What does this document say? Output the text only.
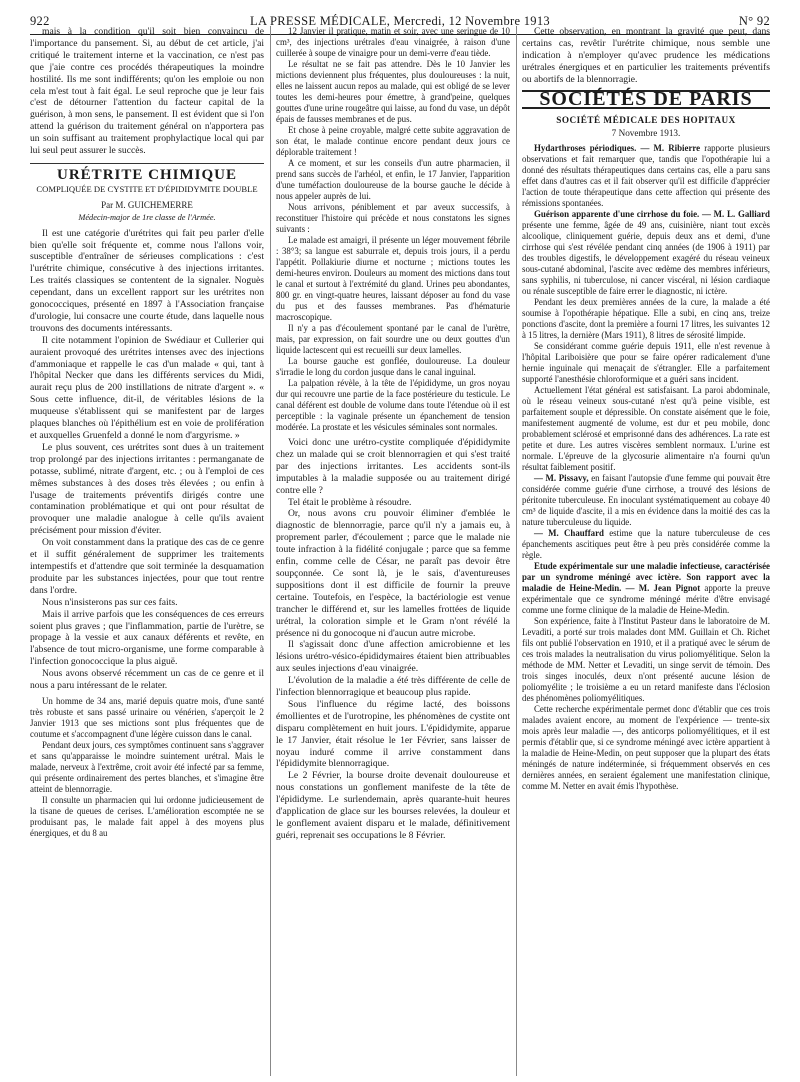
922	LA PRESSE MÉDICALE, Mercredi, 12 Novembre 1913	N° 92

mais à la condition qu'il soit bien convaincu de l'importance du pansement. Si, au début de cet article, j'ai critiqué le traitement interne et la vaccination, ce n'est pas que j'aie contre ces procédés thérapeutiques la moindre hostilité. Ils me sont indifférents; qu'on les emploie ou non cela m'est tout à fait égal. Le seul reproche que je leur fais c'est de détourner l'attention du facteur capital de la guérison, à mon sens, le pansement. Il est évident que si l'on attend la guérison du traitement général on n'apportera pas un soin suffisant au traitement prophylactique local qui par lui seul peut assurer le succès.

URÉTRITE CHIMIQUE
COMPLIQUÉE DE CYSTITE ET D'ÉPIDIDYMITE DOUBLE
Par M. GUICHEMERRE
Médecin-major de 1re classe de l'Armée.

Il est une catégorie d'urétrites qui fait peu parler d'elle bien qu'elle soit fréquente et, comme nous l'allons voir, susceptible d'entraîner de sérieuses complications : c'est l'urétrite chimique, consécutive à des injections irritantes. Les traités classiques se contentent de la signaler. Noguès cependant, dans un excellent rapport sur les urétrites non gonococciques, présenté en 1897 à l'Association française d'urologie, lui consacre une courte étude, dans laquelle nous trouvons des documents intéressants.

Il cite notamment l'opinion de Swédiaur et Cullerier qui auraient provoqué des urétrites intenses avec des injections d'ammoniaque et rappelle le cas d'un malade « qui, tant à l'hôpital Necker que dans les différents services du Midi, aurait reçu plus de 200 instillations de nitrate d'argent ». « Sous cette influence, dit-il, de véritables lésions de la muqueuse s'établissent qui se manifestent par de larges plaques blanches où l'épithélium est en voie de prolifération et auxquelles Gruenfeld a donné le nom d'argyrisme. »

Le plus souvent, ces urétrites sont dues à un traitement trop prolongé par des injections irritantes : permanganate de potasse, sublimé, nitrate d'argent, etc. ; ou à l'emploi de ces mêmes substances à des doses très élevées ; ou enfin à l'usage de traitements préventifs dirigés contre une contamination problématique et qui ont pour résultat de provoquer une maladie analogue à celle qu'ils avaient précisément pour mission d'éviter.

On voit constamment dans la pratique des cas de ce genre et il suffit généralement de supprimer les traitements intempestifs et d'attendre que soit terminée la desquamation produite par les substances injectées, pour que tout rentre dans l'ordre.

Nous n'insisterons pas sur ces faits.

Mais il arrive parfois que les conséquences de ces erreurs soient plus graves ; que l'inflammation, partie de l'urètre, se propage à la vessie et aux canaux déférents et revête, en l'absence de tout micro-organisme, une forme comparable à l'infection gonococcique la plus aiguë.

Nous avons observé récemment un cas de ce genre et il nous a paru intéressant de le relater.

Un homme de 34 ans, marié depuis quatre mois, d'une santé très robuste et sans passé urinaire ou vénérien, s'aperçoit le 2 Janvier 1913 que ses mictions sont plus fréquentes que de coutume et s'accompagnent d'une légère cuisson dans le canal.

Pendant deux jours, ces symptômes continuent sans s'aggraver et sans qu'apparaisse le moindre suintement urétral. Mais le malade, nerveux à l'extrême, croit avoir été infecté par sa femme, qui présente ordinairement des pertes blanches, et s'imagine être atteint de blennorragie.

Il consulte un pharmacien qui lui ordonne judicieusement de la tisane de queues de cerises. L'amélioration escomptée ne se produisant pas, le malade fait appel à des moyens plus énergiques, et du 8 au

12 Janvier il pratique, matin et soir, avec une seringue de 10 cm³, des injections urétrales d'eau vinaigrée, à raison d'une cuillerée à soupe de vinaigre pour un demi-verre d'eau tiède.

Le résultat ne se fait pas attendre. Dès le 10 Janvier les mictions deviennent plus fréquentes, plus douloureuses : la nuit, elles ne laissent aucun repos au malade, qui est obligé de se lever toutes les demi-heures pour émettre, à grand'peine, quelques gouttes d'une urine rougeâtre qui laisse, au fond du vase, un dépôt épais de fausses membranes et de pus.

Et chose à peine croyable, malgré cette subite aggravation de son état, le malade continue encore pendant deux jours ce déplorable traitement !

A ce moment, et sur les conseils d'un autre pharmacien, il prend sans succès de l'arhéol, et enfin, le 17 Janvier, l'apparition d'une tuméfaction douloureuse de la bourse gauche le décide à nous appeler auprès de lui.

Nous arrivons, péniblement et par aveux successifs, à reconstituer l'histoire qui précède et nous constatons les signes suivants :

Le malade est amaigri, il présente un léger mouvement fébrile : 38°3; sa langue est saburrale et, depuis trois jours, il a perdu l'appétit. Pollakiurie diurne et nocturne ; mictions toutes les demi-heures environ. Douleurs au moment des mictions dans tout le canal et surtout à l'extrémité du gland. Urines peu abondantes, 800 gr. en vingt-quatre heures, laissant déposer au fond du vase du pus et des fausses membranes. Pas d'hématurie macroscopique.

Il n'y a pas d'écoulement spontané par le canal de l'urètre, mais, par expression, on fait sourdre une ou deux gouttes d'un liquide lactescent qui est recueilli sur deux lamelles.

La bourse gauche est gonflée, douloureuse. La douleur s'irradie le long du cordon jusque dans le canal inguinal.

La palpation révèle, à la tête de l'épididyme, un gros noyau dur qui recouvre une partie de la face postérieure du testicule. Le canal déférent est double de volume dans toute l'étendue où il est perceptible : la vaginale présente un épanchement de tension modérée. La prostate et les vésicules séminales sont normales.

Voici donc une urétro-cystite compliquée d'épididymite chez un malade qui se croit blennorragien et qui s'est traité par des injections irritantes. Les accidents sont-ils imputables à la maladie supposée ou au traitement dirigé contre elle ?

Tel était le problème à résoudre.

Or, nous avons cru pouvoir éliminer d'emblée le diagnostic de blennorragie, parce qu'il n'y a jamais eu, à proprement parler, d'écoulement ; parce que le malade nie toute infraction à la fidélité conjugale ; parce que sa femme enfin, comme celle de César, ne paraît pas devoir être soupçonnée. Ce sont là, je le sais, d'aventureuses suppositions dont il est difficile de fournir la preuve certaine. Toutefois, en l'espèce, la bactériologie est venue trancher le différend et, sur les lamelles frottées de liquide urétral, la coloration simple et le Gram n'ont révélé la présence ni du gonocoque ni d'aucun autre microbe.

Il s'agissait donc d'une affection amicrobienne et les lésions urétro-vésico-épididymaires étaient bien attribuables aux seules injections d'eau vinaigrée.

L'évolution de la maladie a été très différente de celle de l'infection blennorragique et beaucoup plus rapide.

Sous l'influence du régime lacté, des boissons émollientes et de l'urotropine, les phénomènes de cystite ont disparu complètement en huit jours. L'épididymite, apparue le 17 Janvier, était résolue le 1er Février, sans laisser de noyau induré comme il arrive constamment dans l'épididymite blennorragique.

Le 2 Février, la bourse droite devenait douloureuse et nous constations un gonflement manifeste de la tête de l'épididyme. Le surlendemain, après quarante-huit heures d'application de glace sur les bourses relevées, la douleur et le gonflement avaient disparu et le malade, définitivement guéri, reprenait ses occupations le 8 Février.

Cette observation, en montrant la gravité que peut, dans certains cas, revêtir l'urétrite chimique, nous semble une indication à n'employer qu'avec prudence les médications urétrales énergiques et en particulier les traitements préventifs ou abortifs de la blennorragie.

SOCIÉTÉS DE PARIS
SOCIÉTÉ MÉDICALE DES HOPITAUX
7 Novembre 1913.

Hydarthroses périodiques. — M. Ribierre rapporte plusieurs observations et fait remarquer que, tandis que l'opothérapie lui a donné des résultats thérapeutiques dans certains cas, elle a paru sans effet dans d'autres cas et il fait observer qu'il est difficile d'apprécier l'action de toute thérapeutique dans cette affection qui présente des rémissions spontanées.

Guérison apparente d'une cirrhose du foie. — M. L. Galliard présente une femme, âgée de 49 ans, cuisinière, niant tout excès alcoolique, cliniquement guérie, depuis deux ans et demi, d'une cirrhose qui s'est révélée pendant cinq années (de 1906 à 1911) par des troubles digestifs, le développement exagéré du réseau veineux sous-cutané abdominal, l'ascite avec œdème des membres inférieurs, sans syphilis, ni tuberculose, ni cancer viscéral, ni lésion cardiaque ou rénale susceptible de faire errer le diagnostic, ni ictère.

Pendant les deux premières années de la cure, la malade a été soumise à l'opothérapie hépatique. Elle a subi, en cinq ans, treize ponctions d'ascite, dont la première a fourni 17 litres, les suivantes 12 à 15 litres, la dernière (Mars 1911), 8 litres de sérosité limpide.

Se considérant comme guérie depuis 1911, elle n'est revenue à l'hôpital Lariboisière que pour se faire opérer radicalement d'une hernie inguinale qui menaçait de s'étrangler. Elle a parfaitement supporté l'anesthésie chloroformique et a guéri sans incident.

Actuellement l'état général est satisfaisant. La paroi abdominale, où le réseau veineux sous-cutané n'est qu'à peine visible, est parfaitement souple et dépressible. On constate aisément que le foie, manifestement augmenté de volume, est dur et peu mobile, donc probablement sclérosé et emprisonné dans des adhérences. La rate est petite et dure. Les autres viscères semblent normaux. L'urine est normale. L'épreuve de la glycosurie alimentaire n'a fourni qu'un résultat faiblement positif.

— M. Pissavy, en faisant l'autopsie d'une femme qui pouvait être considérée comme guérie d'une cirrhose, a trouvé des lésions de péritonite tuberculeuse. En inoculant systématiquement au cobaye 40 cm³ de liquide d'ascite, il a mis en évidence dans la moitié des cas la nature tuberculeuse du liquide.

— M. Chauffard estime que la nature tuberculeuse de ces épanchements ascitiques peut être à peu près considérée comme la règle.

Etude expérimentale sur une maladie infectieuse, caractérisée par un syndrome méningé avec ictère. Son rapport avec la maladie de Heine-Medin. — M. Jean Pignot apporte la preuve expérimentale que ce syndrome méningé mérite d'être envisagé comme une forme clinique de la maladie de Heine-Medin.

Son expérience, faite à l'Institut Pasteur dans le laboratoire de M. Levaditi, a porté sur trois malades dont MM. Guillain et Ch. Richet fils ont publié l'observation en 1910, et il a pratiqué avec le sérum de ces trois malades la neutralisation du virus poliomyélitique. Selon la méthode de MM. Netter et Levaditi, un singe servit de témoin. Des trois singes inoculés, deux n'ont présenté aucune lésion de poliomyélite ; le troisième a eu un retard manifeste dans l'éclosion des phénomènes poliomyélitiques.

Cette recherche expérimentale permet donc d'établir que ces trois malades avaient encore, au moment de l'expérience — trente-six mois après leur maladie —, des anticorps poliomyélitiques, et il est permis d'établir que, si ce syndrome méningé avec ictère appartient à la maladie de Heine-Medin, on peut supposer que la plupart des états méningés de nature indéterminée, si fréquemment observés en ces dernières années, en seraient également une manifestation clinique, comme M. Netter en avait émis l'hypothèse.
